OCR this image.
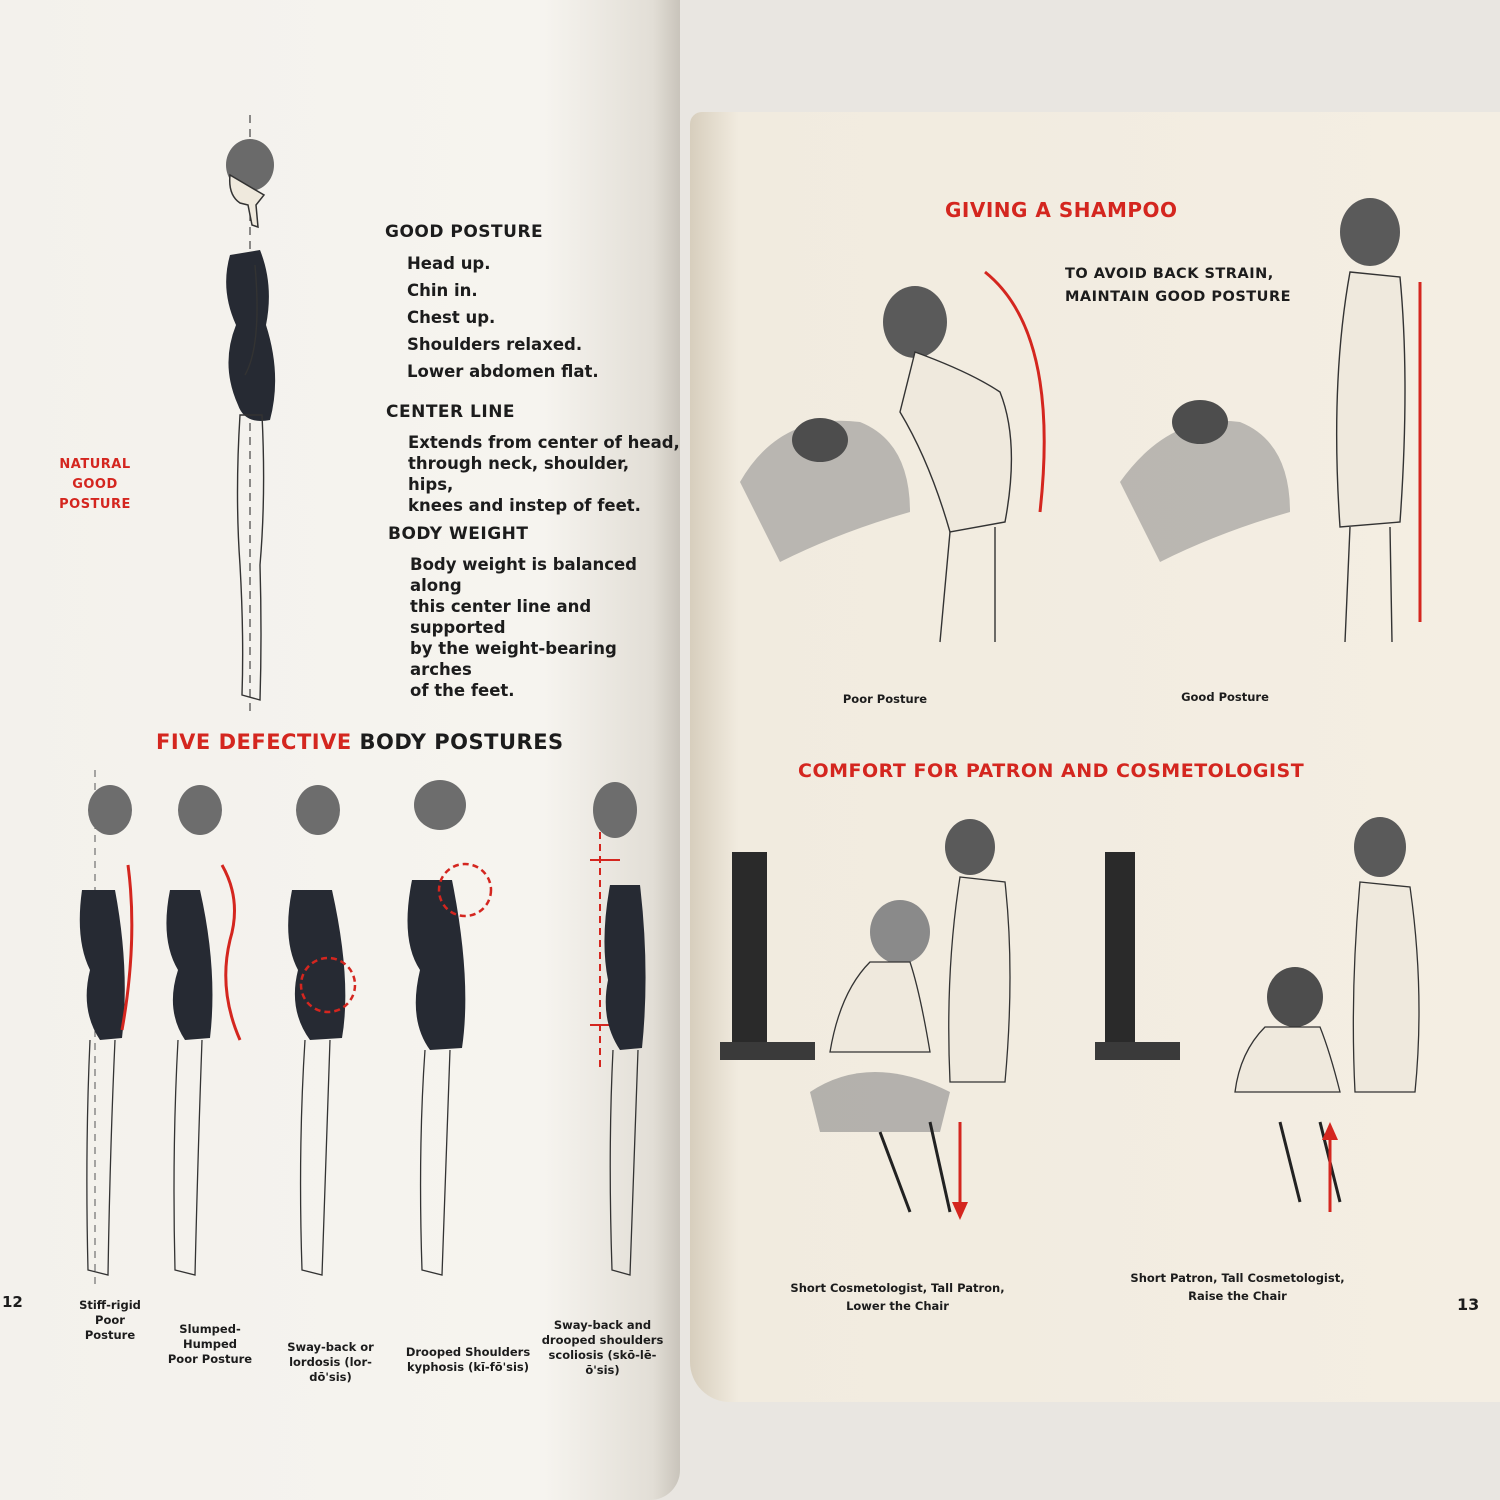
NATURAL
GOOD POSTURE
GOOD POSTURE
Head up.
Chin in.
Chest up.
Shoulders relaxed.
Lower abdomen flat.
CENTER LINE
Extends from center of head,
through neck, shoulder, hips,
knees and instep of feet.
BODY WEIGHT
Body weight is balanced along
this center line and supported
by the weight-bearing arches
of the feet.
FIVE DEFECTIVE BODY POSTURES
Stiff-rigid
Poor Posture	Slumped-Humped
Poor Posture
Sway-back or
lordosis (lor-dō'sis)
Drooped Shoulders
kyphosis (kī-fō'sis)
Sway-back and
drooped shoulders
scoliosis (skō-lē-ō'sis)
12
GIVING A SHAMPOO
TO AVOID BACK STRAIN,
MAINTAIN GOOD POSTURE
Poor Posture	Good Posture
COMFORT FOR PATRON AND COSMETOLOGIST
Short Cosmetologist, Tall Patron,
Lower the Chair
Short Patron, Tall Cosmetologist,
Raise the Chair	13
